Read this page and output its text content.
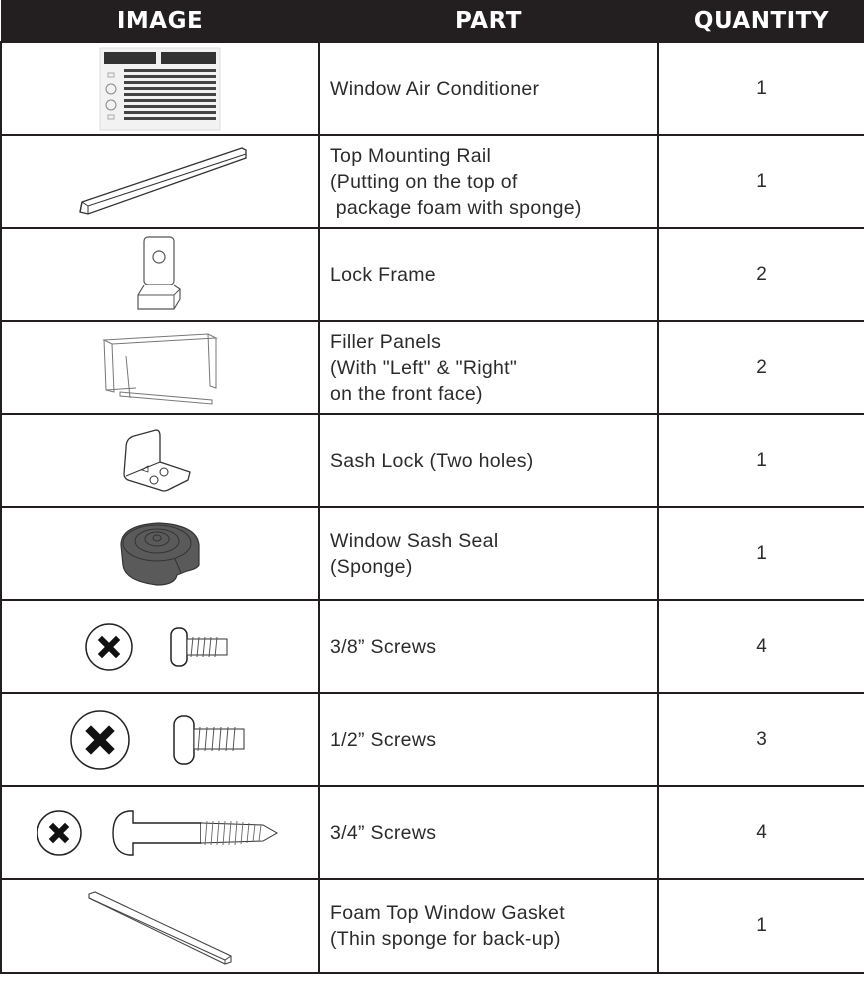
IMAGE	PART	QUANTITY

Window Air Conditioner	1

Top Mounting Rail
(Putting on the top of
package foam with sponge)	1

Lock Frame	2

Filler Panels
(With "Left" & "Right"
on the front face)	2

Sash Lock (Two holes)	1

Window Sash Seal
(Sponge)	1

3/8” Screws	4

1/2” Screws	3

3/4” Screws	4

Foam Top Window Gasket
(Thin sponge for back-up)	1
